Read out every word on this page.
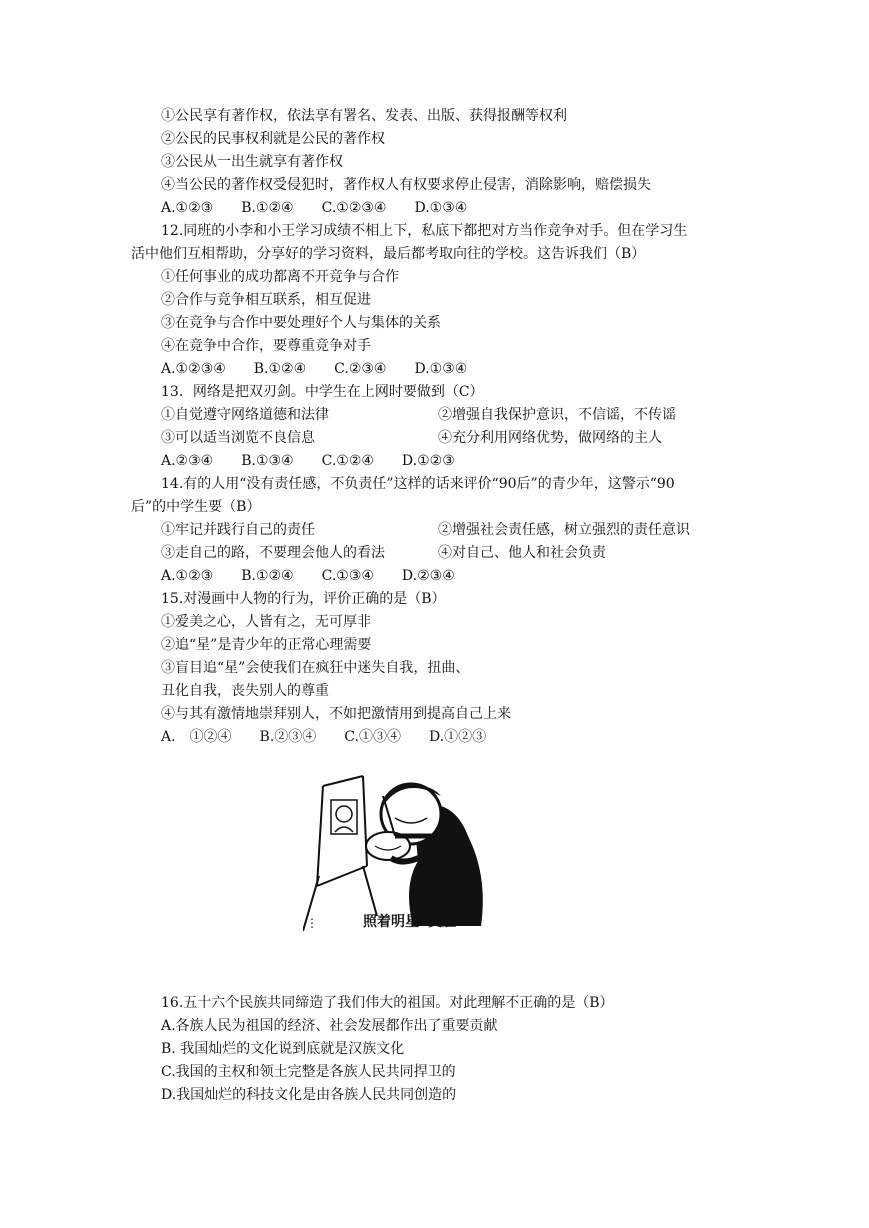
①公民享有著作权，依法享有署名、发表、出版、获得报酬等权利
②公民的民事权利就是公民的著作权
③公民从一出生就享有著作权
④当公民的著作权受侵犯时，著作权人有权要求停止侵害，消除影响，赔偿损失
A.①②③　　B.①②④　　C.①②③④　　D.①③④
12.同班的小李和小王学习成绩不相上下，私底下都把对方当作竞争对手。但在学习生
活中他们互相帮助，分享好的学习资料，最后都考取向往的学校。这告诉我们（B）
①任何事业的成功都离不开竞争与合作
②合作与竞争相互联系，相互促进
③在竞争与合作中要处理好个人与集体的关系
④在竞争中合作，要尊重竞争对手
A.①②③④　　B.①②④　　C.②③④　　D.①③④
13．网络是把双刃剑。中学生在上网时要做到（C）
①自觉遵守网络道德和法律	②增强自我保护意识，不信谣，不传谣
③可以适当浏览不良信息	④充分利用网络优势，做网络的主人
A.②③④　　B.①③④　　C.①②④　　D.①②③
14.有的人用“没有责任感，不负责任”这样的话来评价“90后”的青少年，这警示“90
后”的中学生要（B）
①牢记并践行自己的责任	②增强社会责任感，树立强烈的责任意识
③走自己的路，不要理会他人的看法	④对自己、他人和社会负责
A.①②③　　B.①②④　　C.①③④　　D.②③④
15.对漫画中人物的行为，评价正确的是（B）
①爱美之心，人皆有之，无可厚非
②追“星”是青少年的正常心理需要
③盲目追“星”会使我们在疯狂中迷失自我，扭曲、
丑化自我，丧失别人的尊重
④与其有激情地崇拜别人，不如把激情用到提高自己上来
A.　①②④　　B.②③④　　C.①③④　　D.①②③
⋮	照着明星“变脸”
16.五十六个民族共同缔造了我们伟大的祖国。对此理解不正确的是（B）
A.各族人民为祖国的经济、社会发展都作出了重要贡献
B. 我国灿烂的文化说到底就是汉族文化
C.我国的主权和领土完整是各族人民共同捍卫的
D.我国灿烂的科技文化是由各族人民共同创造的
